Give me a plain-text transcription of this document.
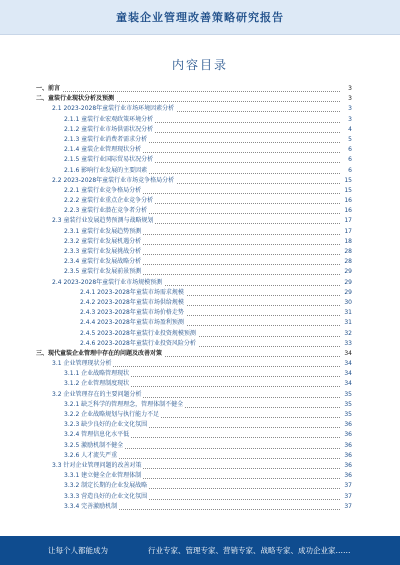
童装企业管理改善策略研究报告
内容目录
一、前言	3
二、童装行业现状分析及预测	3
2.1 2023-2028年童装行业市场环境因素分析	3
2.1.1 童装行业宏观政策环境分析	3
2.1.2 童装行业市场供需状况分析	4
2.1.3 童装行业消费者需求分析	5
2.1.4 童装企业管理现状分析	6
2.1.5 童装行业国际贸易状况分析	6
2.1.6 影响行业发展的主要因素	6
2.2 2023-2028年童装行业市场竞争格局分析	15
2.2.1 童装行业竞争格局分析	15
2.2.2 童装行业重点企业竞争分析	16
2.2.3 童装行业潜在竞争者分析	16
2.3 童装行业发展趋势预测与战略规划	17
2.3.1 童装行业发展趋势预测	17
2.3.2 童装行业发展机遇分析	18
2.3.3 童装行业发展挑战分析	28
2.3.4 童装行业发展战略分析	28
2.3.5 童装行业发展前景预测	29
2.4 2023-2028年童装行业市场规模预测	29
2.4.1 2023-2028年童装市场需求规模	29
2.4.2 2023-2028年童装市场供给规模	30
2.4.3 2023-2028年童装市场价格走势	31
2.4.4 2023-2028年童装市场盈利预测	31
2.4.5 2023-2028年童装行业投资规模预测	32
2.4.6 2023-2028年童装行业投资风险分析	33
三、现代童装企业管理中存在的问题及改善对策	34
3.1 企业管理现状分析	34
3.1.1 企业战略管理现状	34
3.1.2 企业管理制度现状	34
3.2 企业管理存在的主要问题分析	35
3.2.1 缺乏科学的管理理念，管理体制不健全	35
3.2.2 企业战略规划与执行能力不足	35
3.2.3 缺少良好的企业文化氛围	36
3.2.4 管理信息化水平低	36
3.2.5 激励机制不健全	36
3.2.6 人才流失严重	36
3.3 针对企业管理问题的改善对策	36
3.3.1 建立健全企业管理体制	36
3.3.2 制定长期的企业发展战略	37
3.3.3 营造良好的企业文化氛围	37
3.3.4 完善激励机制	37
让每个人都能成为	行业专家、管理专家、营销专家、战略专家、成功企业家……
